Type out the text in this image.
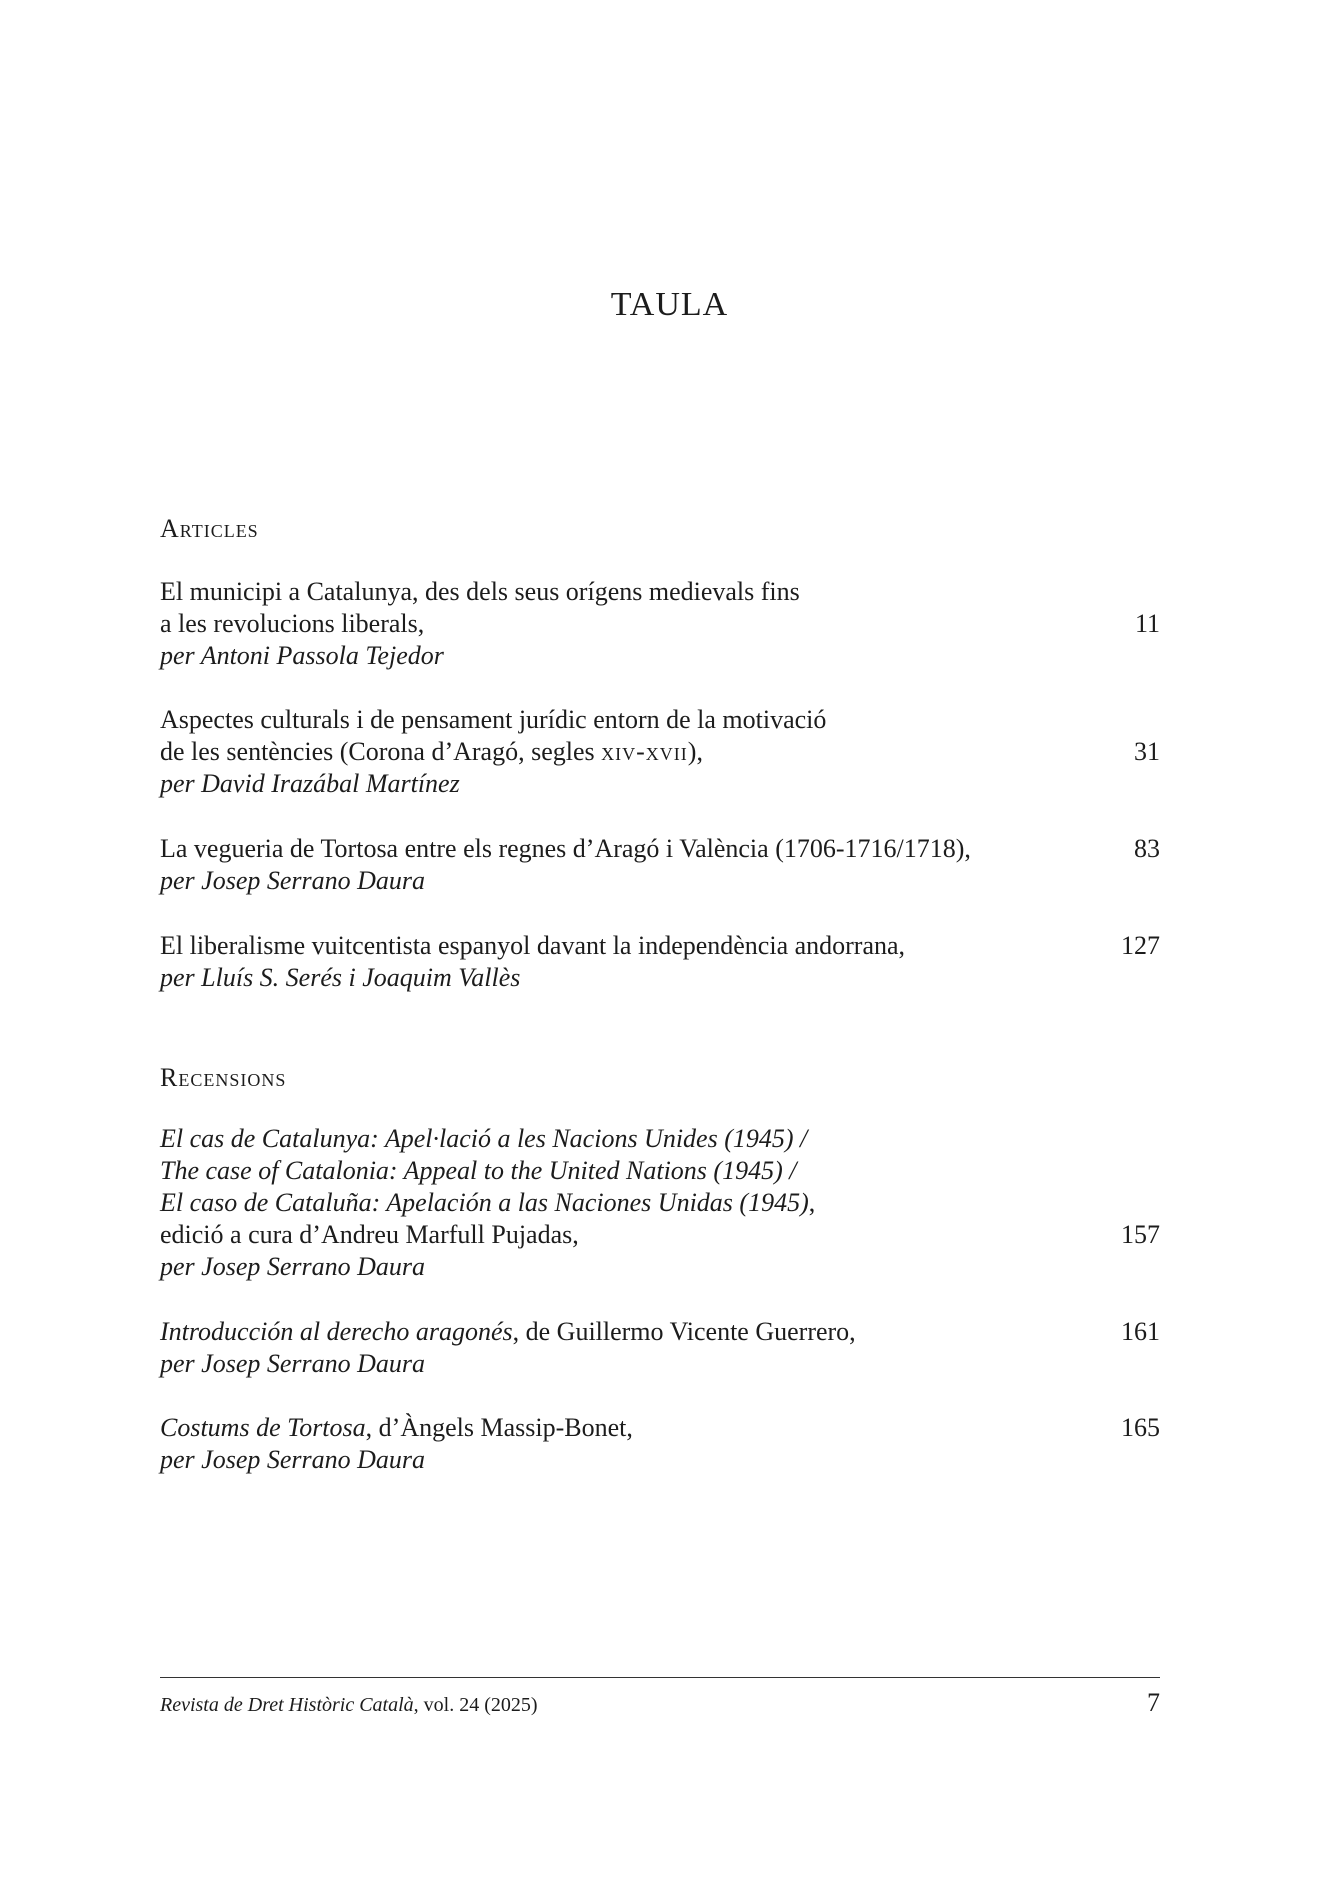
TAULA
Articles
El municipi a Catalunya, des dels seus orígens medievals fins
a les revolucions liberals,	11
per Antoni Passola Tejedor
Aspectes culturals i de pensament jurídic entorn de la motivació
de les sentències (Corona d’Aragó, segles xiv-xvii),	31
per David Irazábal Martínez
La vegueria de Tortosa entre els regnes d’Aragó i València (1706-1716/1718),	83
per Josep Serrano Daura
El liberalisme vuitcentista espanyol davant la independència andorrana,	127
per Lluís S. Serés i Joaquim Vallès
Recensions
El cas de Catalunya: Apel·lació a les Nacions Unides (1945) /
The case of Catalonia: Appeal to the United Nations (1945) /
El caso de Cataluña: Apelación a las Naciones Unidas (1945),
edició a cura d’Andreu Marfull Pujadas,	157
per Josep Serrano Daura
Introducción al derecho aragonés, de Guillermo Vicente Guerrero,	161
per Josep Serrano Daura
Costums de Tortosa, d’Àngels Massip-Bonet,	165
per Josep Serrano Daura
Revista de Dret Històric Català, vol. 24 (2025)	7
